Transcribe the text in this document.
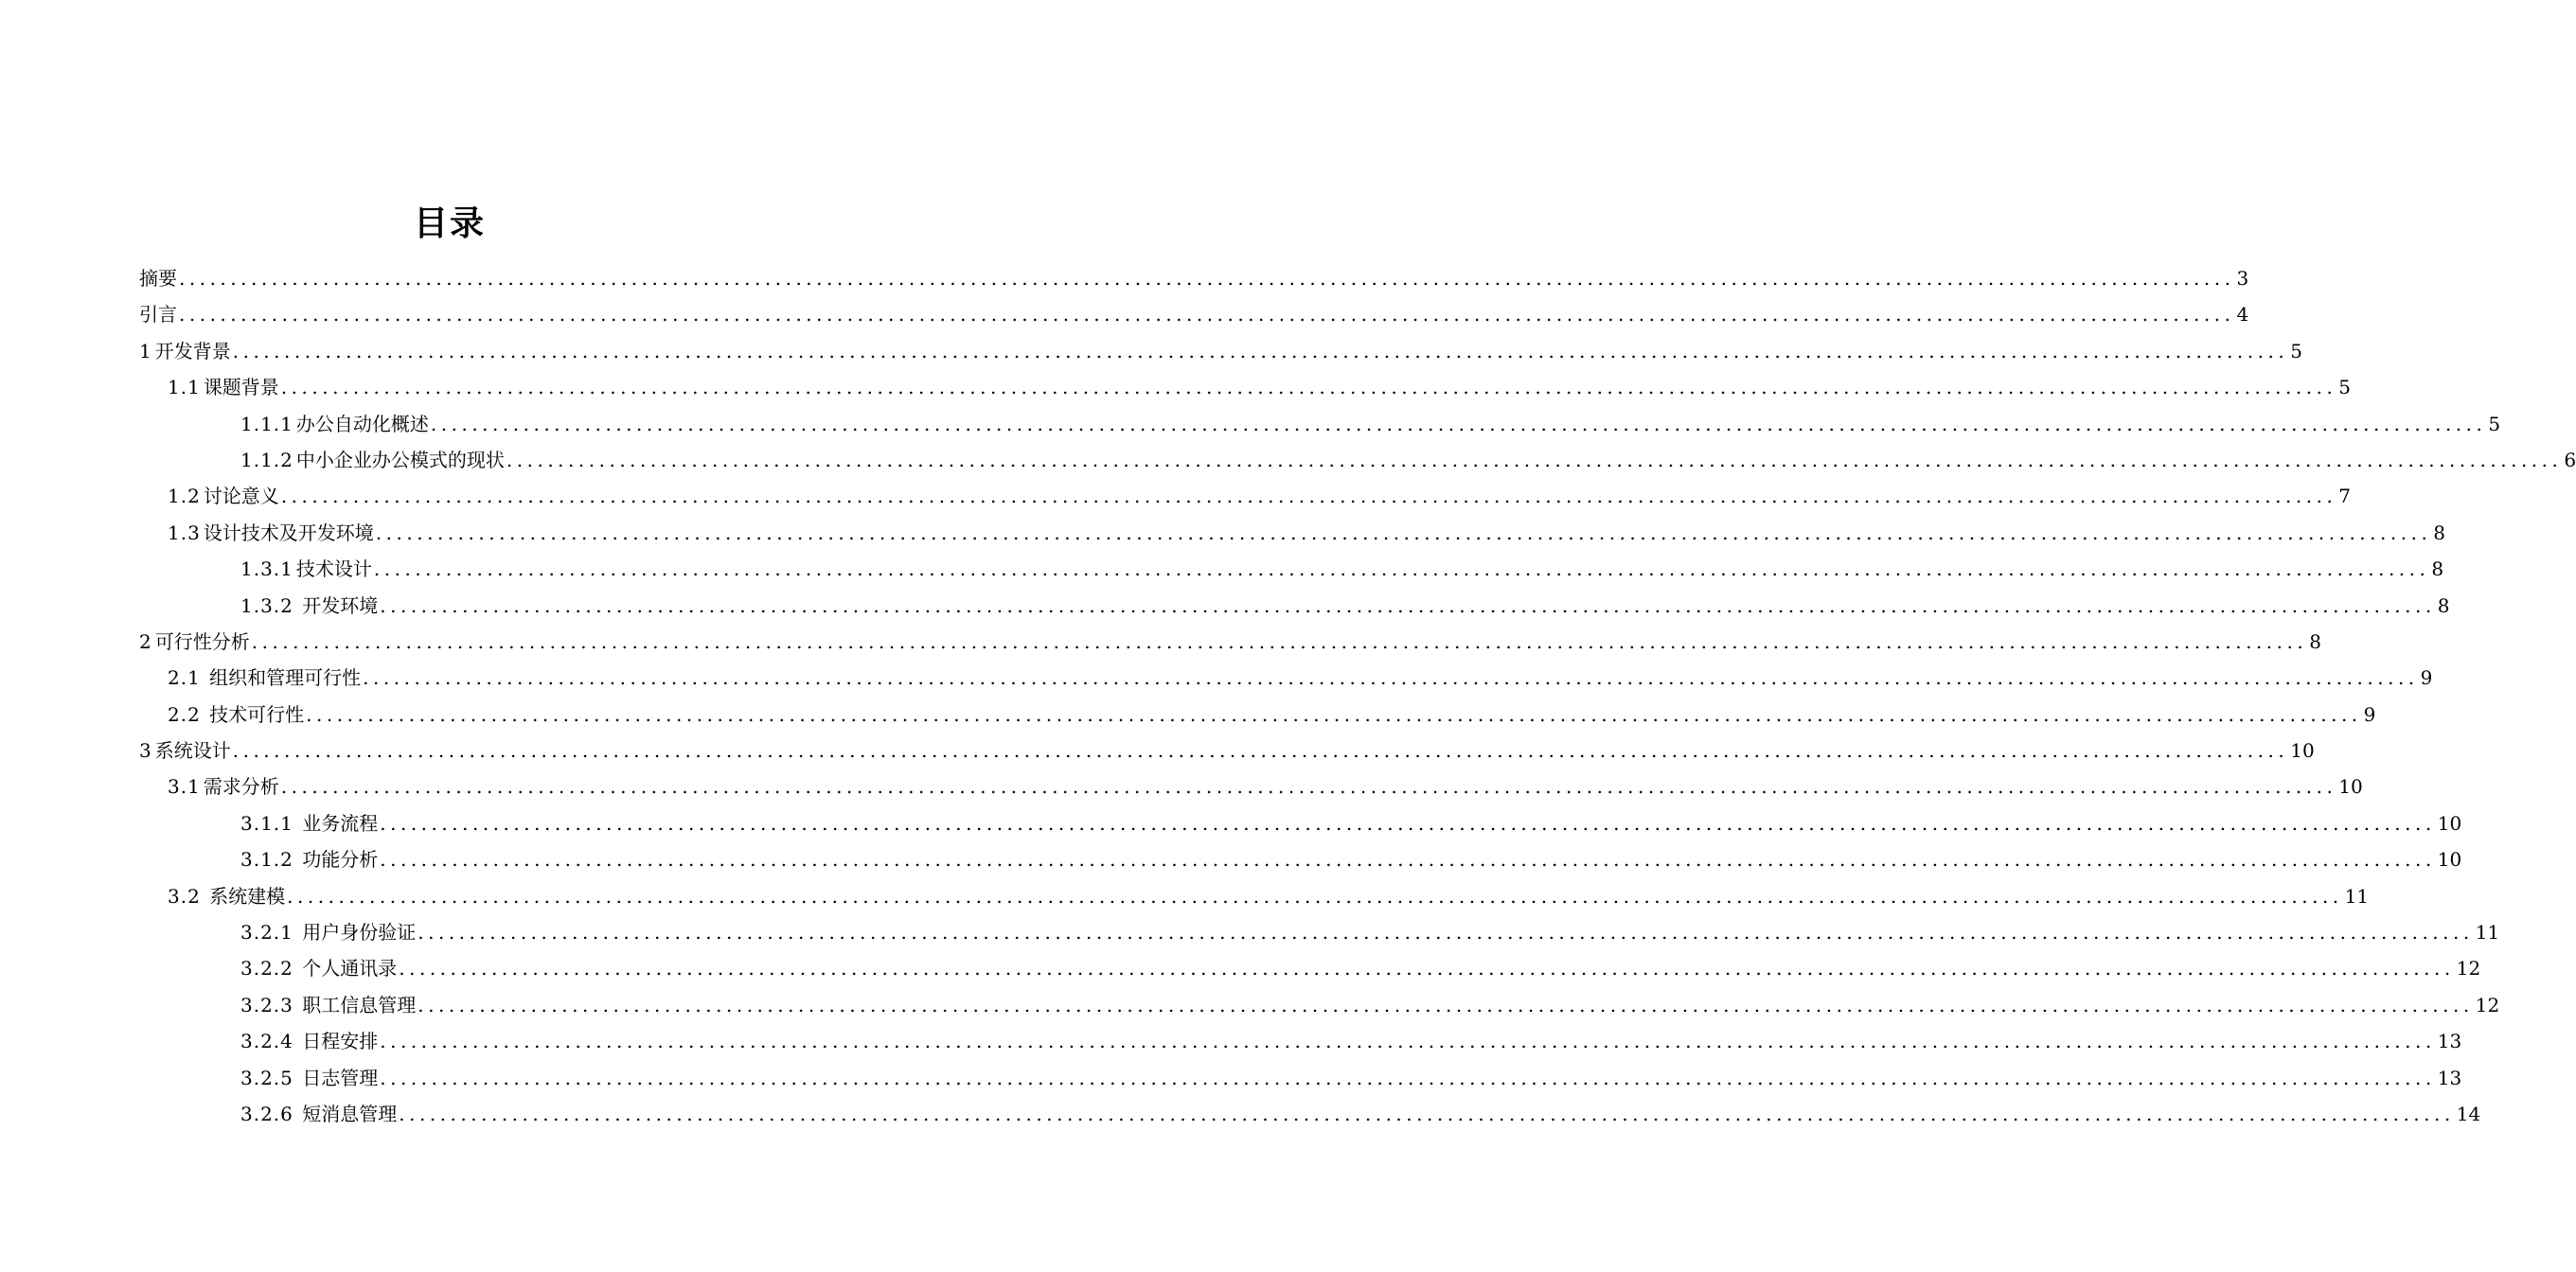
目录
摘要 ........................................................................................................................................................................................................ 3
引言 ........................................................................................................................................................................................................ 4
1 开发背景 ........................................................................................................................................................................................................ 5
1.1 课题背景 ........................................................................................................................................................................................................ 5
1.1.1 办公自动化概述 ........................................................................................................................................................................................................ 5
1.1.2 中小企业办公模式的现状 ........................................................................................................................................................................................................ 6
1.2 讨论意义 ........................................................................................................................................................................................................ 7
1.3 设计技术及开发环境 ........................................................................................................................................................................................................ 8
1.3.1 技术设计 ........................................................................................................................................................................................................ 8
1.3.2 开发环境 ........................................................................................................................................................................................................ 8
2 可行性分析 ........................................................................................................................................................................................................ 8
2.1 组织和管理可行性 ........................................................................................................................................................................................................ 9
2.2 技术可行性 ........................................................................................................................................................................................................ 9
3 系统设计 ........................................................................................................................................................................................................ 10
3.1 需求分析 ........................................................................................................................................................................................................ 10
3.1.1 业务流程 ........................................................................................................................................................................................................ 10
3.1.2 功能分析 ........................................................................................................................................................................................................ 10
3.2 系统建模 ........................................................................................................................................................................................................ 11
3.2.1 用户身份验证 ........................................................................................................................................................................................................ 11
3.2.2 个人通讯录 ........................................................................................................................................................................................................ 12
3.2.3 职工信息管理 ........................................................................................................................................................................................................ 12
3.2.4 日程安排 ........................................................................................................................................................................................................ 13
3.2.5 日志管理 ........................................................................................................................................................................................................ 13
3.2.6 短消息管理 ........................................................................................................................................................................................................ 14
